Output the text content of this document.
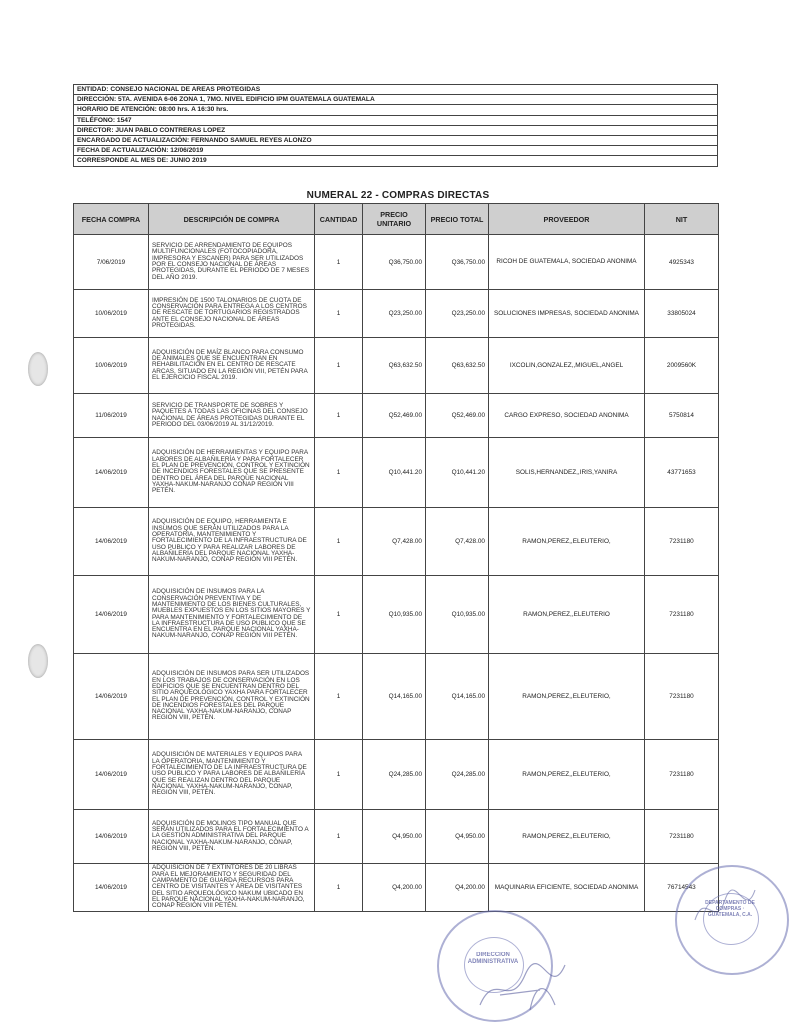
ENTIDAD: CONSEJO NACIONAL DE AREAS PROTEGIDAS
DIRECCIÓN: 5TA. AVENIDA 6-06 ZONA 1, 7MO. NIVEL EDIFICIO IPM GUATEMALA GUATEMALA
HORARIO DE ATENCIÓN: 08:00 hrs. A 16:30 hrs.
TELÉFONO: 1547
DIRECTOR: JUAN PABLO CONTRERAS LOPEZ
ENCARGADO DE ACTUALIZACIÓN: FERNANDO SAMUEL REYES ALONZO
FECHA DE ACTUALIZACIÓN: 12/06/2019
CORRESPONDE AL MES DE: JUNIO 2019
NUMERAL 22 - COMPRAS DIRECTAS
FECHA COMPRA	DESCRIPCIÓN DE COMPRA	CANTIDAD	PRECIO UNITARIO	PRECIO TOTAL	PROVEEDOR	NIT
7/06/2019	SERVICIO DE ARRENDAMIENTO DE EQUIPOS MULTIFUNCIONALES (FOTOCOPIADORA, IMPRESORA Y ESCANER) PARA SER UTILIZADOS POR EL CONSEJO NACIONAL DE ÁREAS PROTEGIDAS, DURANTE EL PERIODO DE 7 MESES DEL AÑO 2019.	1	Q36,750.00	Q36,750.00	RICOH DE GUATEMALA, SOCIEDAD ANONIMA	4925343
10/06/2019	IMPRESIÓN DE 1500 TALONARIOS DE CUOTA DE CONSERVACIÓN PARA ENTREGA A LOS CENTROS DE RESCATE DE TORTUGARIOS REGISTRADOS ANTE EL CONSEJO NACIONAL DE ÁREAS PROTEGIDAS.	1	Q23,250.00	Q23,250.00	SOLUCIONES IMPRESAS, SOCIEDAD ANONIMA	33805024
10/06/2019	ADQUISICIÓN DE MAÍZ BLANCO PARA CONSUMO DE ANIMALES QUE SE ENCUENTRAN EN REHABILITACIÓN EN EL CENTRO DE RESCATE ARCAS, SITUADO EN LA REGIÓN VIII, PETÉN PARA EL EJERCICIO FISCAL 2019.	1	Q63,632.50	Q63,632.50	IXCOLIN,GONZALEZ,,MIGUEL,ANGEL	2009560K
11/06/2019	SERVICIO DE TRANSPORTE DE SOBRES Y PAQUETES A TODAS LAS OFICINAS DEL CONSEJO NACIONAL DE ÁREAS PROTEGIDAS DURANTE EL PERIODO DEL 03/06/2019 AL 31/12/2019.	1	Q52,469.00	Q52,469.00	CARGO EXPRESO, SOCIEDAD ANONIMA	5750814
14/06/2019	ADQUISICIÓN DE HERRAMIENTAS Y EQUIPO PARA LABORES DE ALBAÑILERÍA Y PARA FORTALECER EL PLAN DE PREVENCIÓN, CONTROL Y EXTINCIÓN DE INCENDIOS FORESTALES QUE SE PRESENTE DENTRO DEL ÁREA DEL PARQUE NACIONAL YAXHA-NAKUM-NARANJO CONAP REGIÓN VIII PETÉN.	1	Q10,441.20	Q10,441.20	SOLIS,HERNANDEZ,,IRIS,YANIRA	43771653
14/06/2019	ADQUISICIÓN DE EQUIPO, HERRAMIENTA E INSUMOS QUE SERÁN UTILIZADOS PARA LA OPERATORIA, MANTENIMIENTO Y FORTALECIMIENTO DE LA INFRAESTRUCTURA DE USO PUBLICO Y PARA REALIZAR LABORES DE ALBAÑILERÍA DEL PARQUE NACIONAL YAXHA-NAKUM-NARANJO, CONAP REGIÓN VIII PETÉN.	1	Q7,428.00	Q7,428.00	RAMON,PEREZ,,ELEUTERIO,	7231180
14/06/2019	ADQUISICIÓN DE INSUMOS PARA LA CONSERVACIÓN PREVENTIVA Y DE MANTENIMIENTO DE LOS BIENES CULTURALES, MUEBLES EXPUESTOS EN LOS SITIOS MAYORES Y PARA MANTENIMIENTO Y FORTALECIMIENTO DE LA INFRAESTRUCTURA DE USO PUBLICO QUE SE ENCUENTRA EN EL PARQUE NACIONAL YAXHA-NAKUM-NARANJO, CONAP REGIÓN VIII PETÉN.	1	Q10,935.00	Q10,935.00	RAMON,PEREZ,,ELEUTERIO	7231180
14/06/2019	ADQUISICIÓN DE INSUMOS PARA SER UTILIZADOS EN LOS TRABAJOS DE CONSERVACIÓN EN LOS EDIFICIOS QUE SE ENCUENTRAN DENTRO DEL SITIO ARQUEOLÓGICO YAXHA PARA FORTALECER EL PLAN DE PREVENCIÓN, CONTROL Y EXTINCIÓN DE INCENDIOS FORESTALES DEL PARQUE NACIONAL YAXHA-NAKUM-NARANJO, CONAP REGIÓN VIII, PETÉN.	1	Q14,165.00	Q14,165.00	RAMON,PEREZ,,ELEUTERIO,	7231180
14/06/2019	ADQUISICIÓN DE MATERIALES Y EQUIPOS PARA LA OPERATORIA, MANTENIMIENTO Y FORTALECIMIENTO DE LA INFRAESTRUCTURA DE USO PUBLICO Y PARA LABORES DE ALBAÑILERÍA QUE SE REALIZAN DENTRO DEL PARQUE NACIONAL YAXHA-NAKUM-NARANJO, CONAP, REGIÓN VIII, PETÉN.	1	Q24,285.00	Q24,285.00	RAMON,PEREZ,,ELEUTERIO,	7231180
14/06/2019	ADQUISICIÓN DE MOLINOS TIPO MANUAL QUE SERÁN UTILIZADOS PARA EL FORTALECIMIENTO A LA GESTIÓN ADMINISTRATIVA DEL PARQUE NACIONAL YAXHA-NAKUM-NARANJO, CONAP, REGIÓN VIII, PETÉN.	1	Q4,950.00	Q4,950.00	RAMON,PEREZ,,ELEUTERIO,	7231180
14/06/2019	ADQUISICIÓN DE 7 EXTINTORES DE 20 LIBRAS PARA EL MEJORAMIENTO Y SEGURIDAD DEL CAMPAMENTO DE GUARDA RECURSOS PARA CENTRO DE VISITANTES Y ÁREA DE VISITANTES DEL SITIO ARQUEOLÓGICO NAKUM UBICADO EN EL PARQUE NACIONAL YAXHA-NAKUM-NARANJO, CONAP REGIÓN VIII PETÉN.	1	Q4,200.00	Q4,200.00	MAQUINARIA EFICIENTE, SOCIEDAD ANONIMA	76714543
DIRECCION ADMINISTRATIVA
DEPARTAMENTO DE COMPRAS · GUATEMALA, C.A.
